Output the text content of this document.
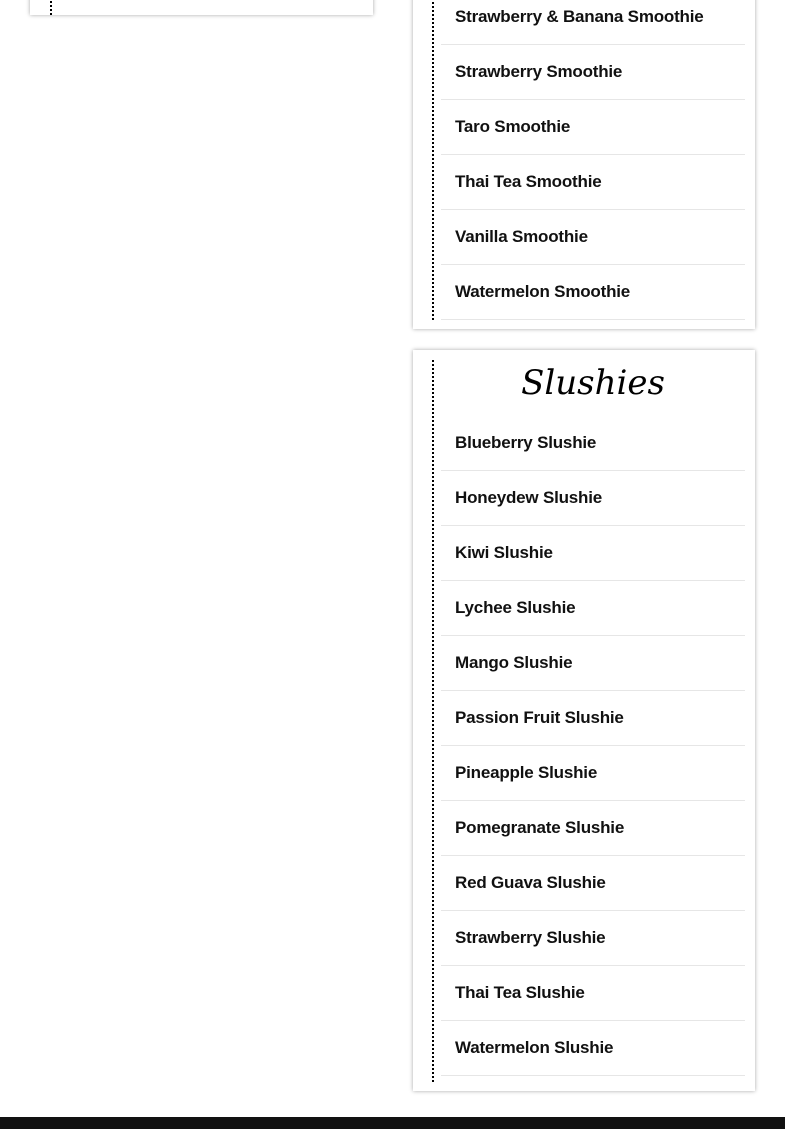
Strawberry & Banana Smoothie
Strawberry Smoothie
Taro Smoothie
Thai Tea Smoothie
Vanilla Smoothie
Watermelon Smoothie
Slushies
Blueberry Slushie
Honeydew Slushie
Kiwi Slushie
Lychee Slushie
Mango Slushie
Passion Fruit Slushie
Pineapple Slushie
Pomegranate Slushie
Red Guava Slushie
Strawberry Slushie
Thai Tea Slushie
Watermelon Slushie
